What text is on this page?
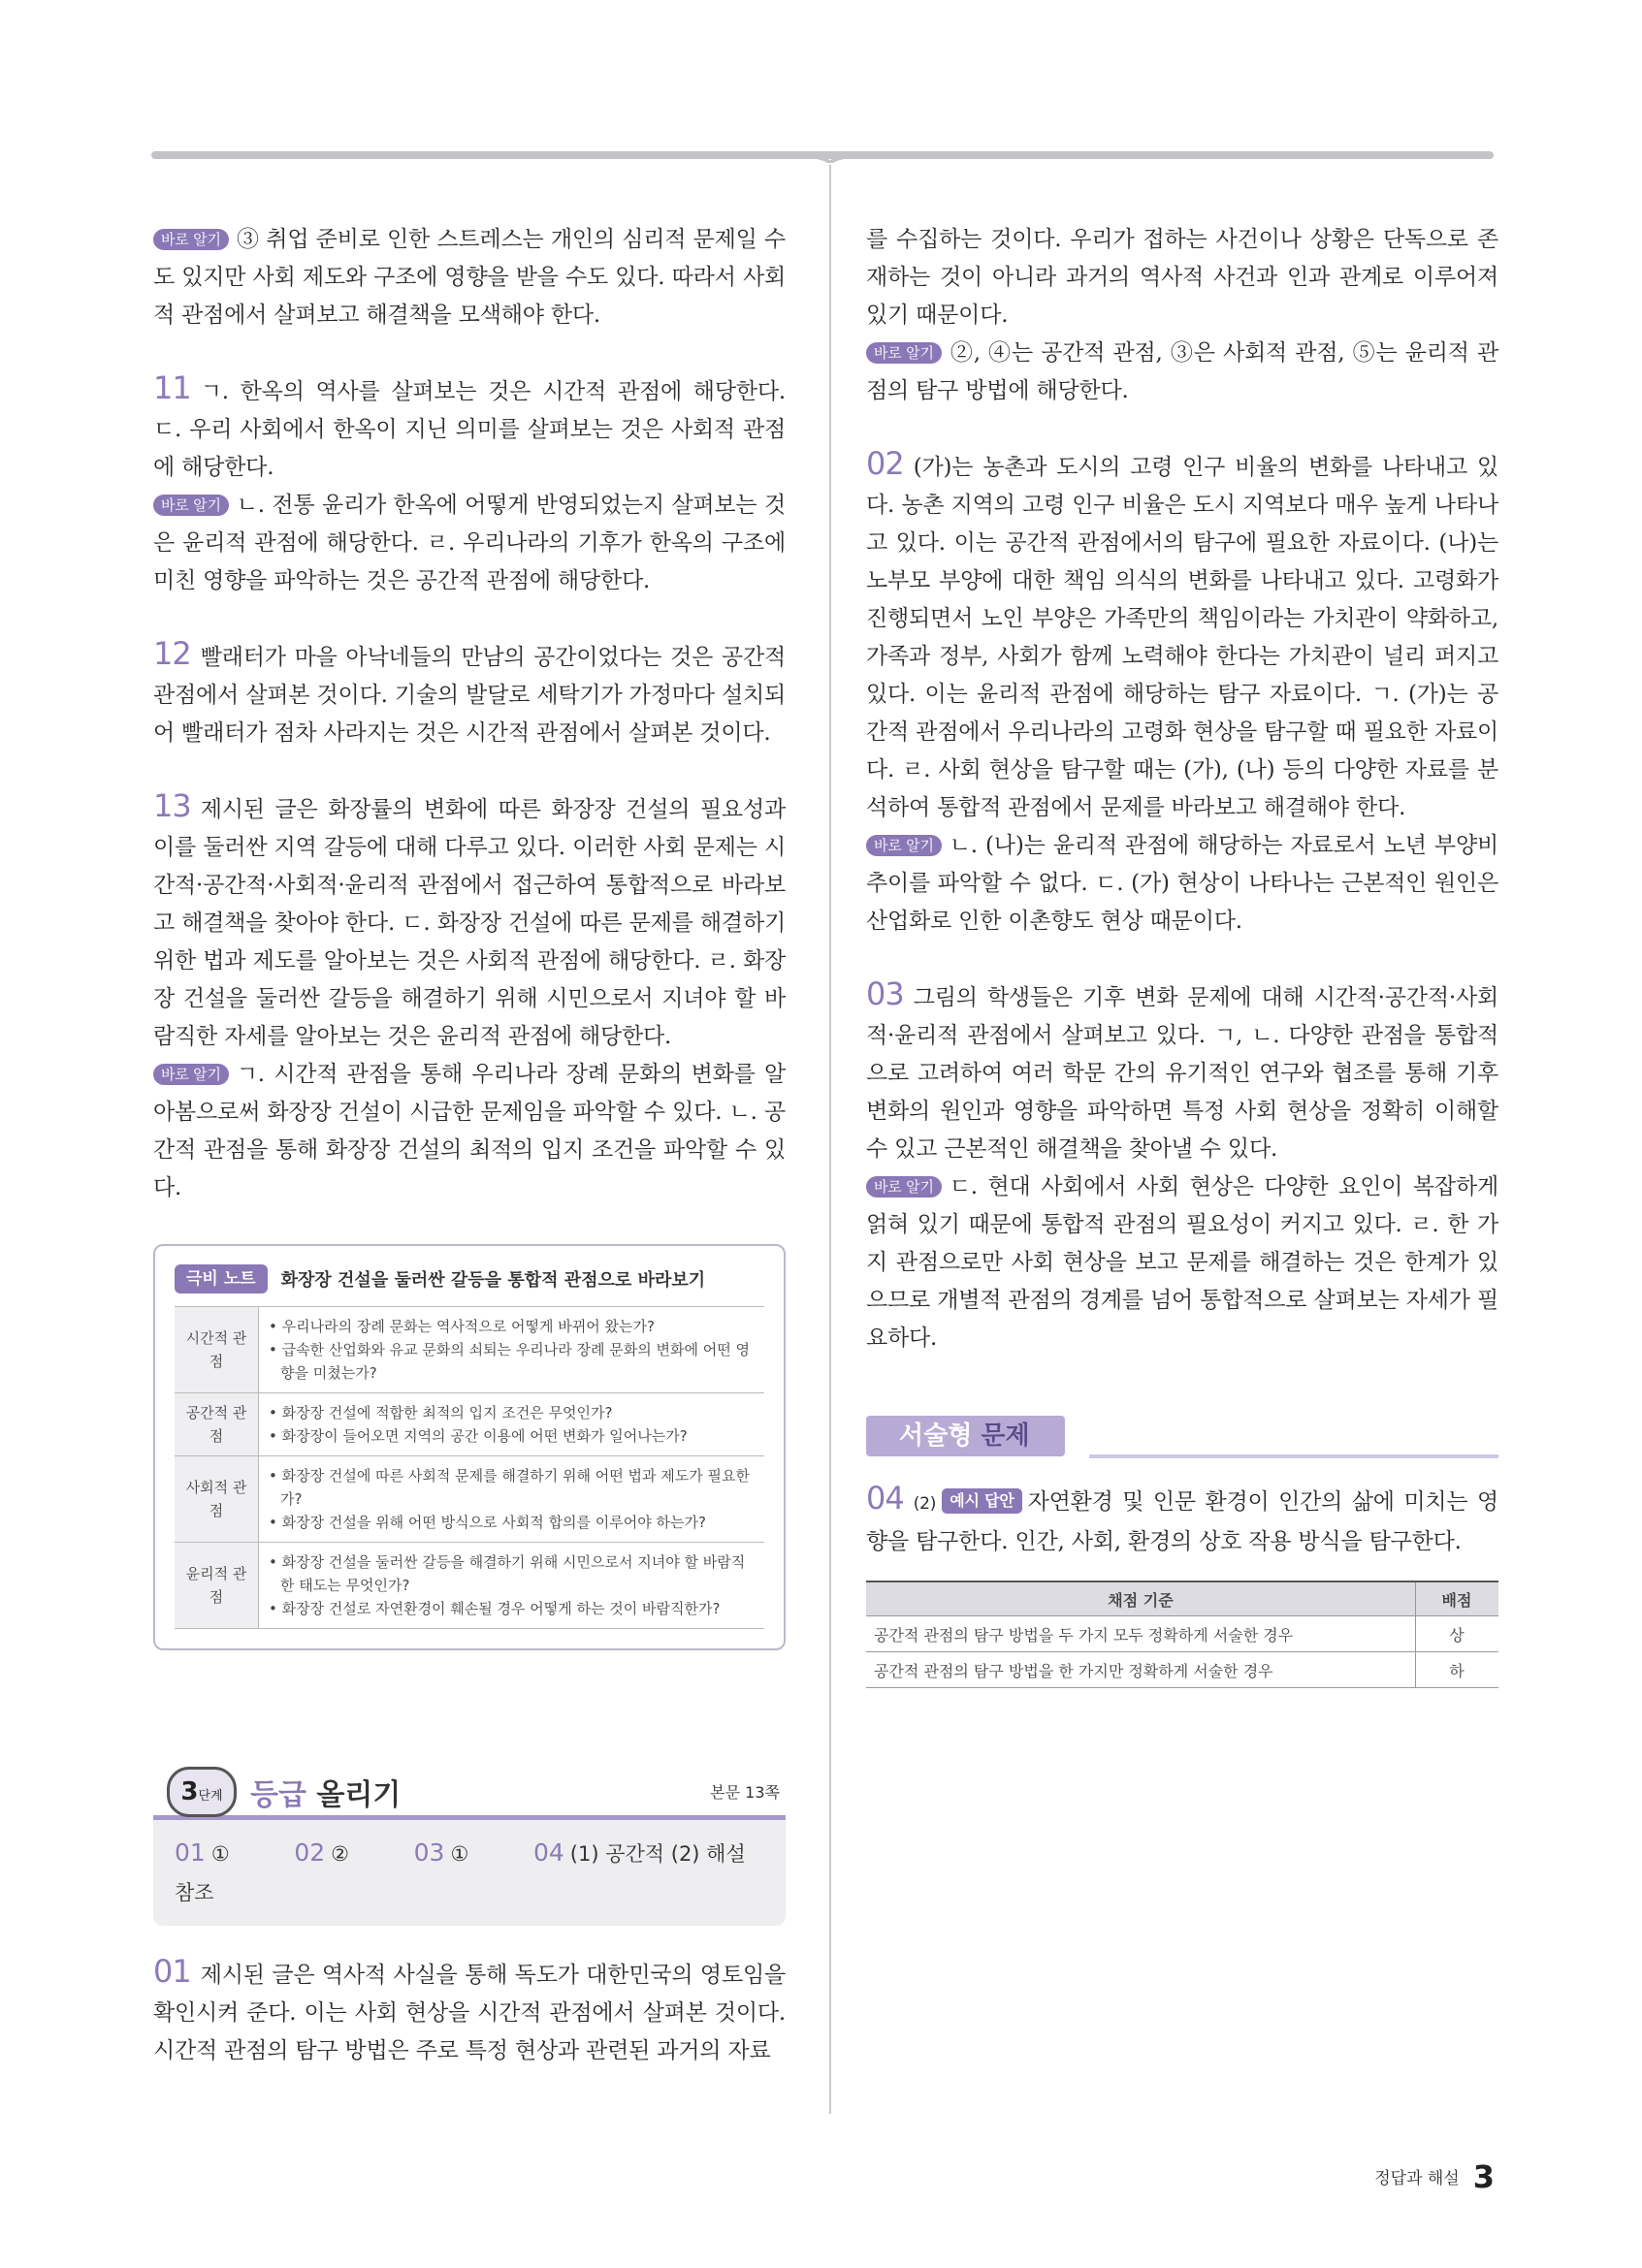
바로 알기 ③ 취업 준비로 인한 스트레스는 개인의 심리적 문제일 수도 있지만 사회 제도와 구조에 영향을 받을 수도 있다. 따라서 사회적 관점에서 살펴보고 해결책을 모색해야 한다.

11 ㄱ. 한옥의 역사를 살펴보는 것은 시간적 관점에 해당한다. ㄷ. 우리 사회에서 한옥이 지닌 의미를 살펴보는 것은 사회적 관점에 해당한다.

바로 알기 ㄴ. 전통 윤리가 한옥에 어떻게 반영되었는지 살펴보는 것은 윤리적 관점에 해당한다. ㄹ. 우리나라의 기후가 한옥의 구조에 미친 영향을 파악하는 것은 공간적 관점에 해당한다.

12 빨래터가 마을 아낙네들의 만남의 공간이었다는 것은 공간적 관점에서 살펴본 것이다. 기술의 발달로 세탁기가 가정마다 설치되어 빨래터가 점차 사라지는 것은 시간적 관점에서 살펴본 것이다.

13 제시된 글은 화장률의 변화에 따른 화장장 건설의 필요성과 이를 둘러싼 지역 갈등에 대해 다루고 있다. 이러한 사회 문제는 시간적·공간적·사회적·윤리적 관점에서 접근하여 통합적으로 바라보고 해결책을 찾아야 한다. ㄷ. 화장장 건설에 따른 문제를 해결하기 위한 법과 제도를 알아보는 것은 사회적 관점에 해당한다. ㄹ. 화장장 건설을 둘러싼 갈등을 해결하기 위해 시민으로서 지녀야 할 바람직한 자세를 알아보는 것은 윤리적 관점에 해당한다.

바로 알기 ㄱ. 시간적 관점을 통해 우리나라 장례 문화의 변화를 알아봄으로써 화장장 건설이 시급한 문제임을 파악할 수 있다. ㄴ. 공간적 관점을 통해 화장장 건설의 최적의 입지 조건을 파악할 수 있다.

극비 노트	화장장 건설을 둘러싼 갈등을 통합적 관점으로 바라보기
시간적 관점	• 우리나라의 장례 문화는 역사적으로 어떻게 바뀌어 왔는가?
• 급속한 산업화와 유교 문화의 쇠퇴는 우리나라 장례 문화의 변화에 어떤 영향을 미쳤는가?

공간적 관점	• 화장장 건설에 적합한 최적의 입지 조건은 무엇인가?
• 화장장이 들어오면 지역의 공간 이용에 어떤 변화가 일어나는가?

사회적 관점	• 화장장 건설에 따른 사회적 문제를 해결하기 위해 어떤 법과 제도가 필요한가?
• 화장장 건설을 위해 어떤 방식으로 사회적 합의를 이루어야 하는가?

윤리적 관점	• 화장장 건설을 둘러싼 갈등을 해결하기 위해 시민으로서 지녀야 할 바람직한 태도는 무엇인가?
• 화장장 건설로 자연환경이 훼손될 경우 어떻게 하는 것이 바람직한가?
3단계 등급 올리기	본문 13쪽
01 ①	02 ②	03 ①	04 (1) 공간적 (2) 해설
참조

01 제시된 글은 역사적 사실을 통해 독도가 대한민국의 영토임을 확인시켜 준다. 이는 사회 현상을 시간적 관점에서 살펴본 것이다. 시간적 관점의 탐구 방법은 주로 특정 현상과 관련된 과거의 자료

를 수집하는 것이다. 우리가 접하는 사건이나 상황은 단독으로 존재하는 것이 아니라 과거의 역사적 사건과 인과 관계로 이루어져 있기 때문이다.

바로 알기 ②, ④는 공간적 관점, ③은 사회적 관점, ⑤는 윤리적 관점의 탐구 방법에 해당한다.

02 (가)는 농촌과 도시의 고령 인구 비율의 변화를 나타내고 있다. 농촌 지역의 고령 인구 비율은 도시 지역보다 매우 높게 나타나고 있다. 이는 공간적 관점에서의 탐구에 필요한 자료이다. (나)는 노부모 부양에 대한 책임 의식의 변화를 나타내고 있다. 고령화가 진행되면서 노인 부양은 가족만의 책임이라는 가치관이 약화하고, 가족과 정부, 사회가 함께 노력해야 한다는 가치관이 널리 퍼지고 있다. 이는 윤리적 관점에 해당하는 탐구 자료이다. ㄱ. (가)는 공간적 관점에서 우리나라의 고령화 현상을 탐구할 때 필요한 자료이다. ㄹ. 사회 현상을 탐구할 때는 (가), (나) 등의 다양한 자료를 분석하여 통합적 관점에서 문제를 바라보고 해결해야 한다.

바로 알기 ㄴ. (나)는 윤리적 관점에 해당하는 자료로서 노년 부양비 추이를 파악할 수 없다. ㄷ. (가) 현상이 나타나는 근본적인 원인은 산업화로 인한 이촌향도 현상 때문이다.

03 그림의 학생들은 기후 변화 문제에 대해 시간적·공간적·사회적·윤리적 관점에서 살펴보고 있다. ㄱ, ㄴ. 다양한 관점을 통합적으로 고려하여 여러 학문 간의 유기적인 연구와 협조를 통해 기후 변화의 원인과 영향을 파악하면 특정 사회 현상을 정확히 이해할 수 있고 근본적인 해결책을 찾아낼 수 있다.

바로 알기 ㄷ. 현대 사회에서 사회 현상은 다양한 요인이 복잡하게 얽혀 있기 때문에 통합적 관점의 필요성이 커지고 있다. ㄹ. 한 가지 관점으로만 사회 현상을 보고 문제를 해결하는 것은 한계가 있으므로 개별적 관점의 경계를 넘어 통합적으로 살펴보는 자세가 필요하다.

서술형 문제

04 (2) 예시 답안 자연환경 및 인문 환경이 인간의 삶에 미치는 영향을 탐구한다. 인간, 사회, 환경의 상호 작용 방식을 탐구한다.

채점 기준	배점
공간적 관점의 탐구 방법을 두 가지 모두 정확하게 서술한 경우	상
공간적 관점의 탐구 방법을 한 가지만 정확하게 서술한 경우	하
정답과 해설 3
